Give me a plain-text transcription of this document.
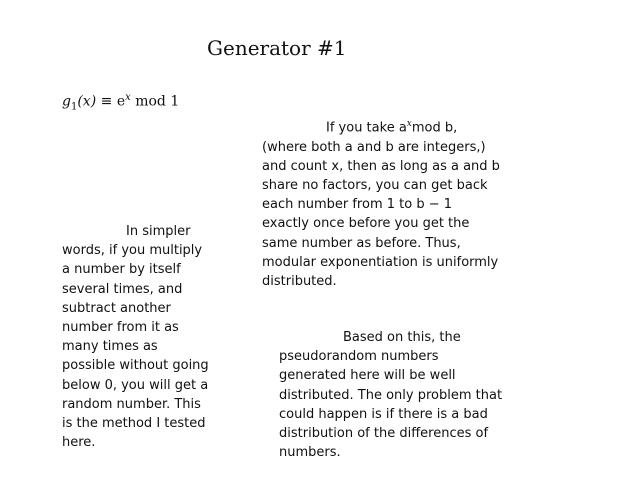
Generator #1
$g_1(x) \equiv e^x$ mod 1

In simpler

words, if you multiply

a number by itself

several times, and

subtract another

number from it as

many times as

possible without going

below 0, you will get a

random number. This

is the method I tested

here.

If you take $a^xmod$ b,

(where both a and b are integers,)

and count x, then as long as a and b

share no factors, you can get back

each number from 1 to b − 1

exactly once before you get the

same number as before. Thus,

modular exponentiation is uniformly

distributed.

Based on this, the

pseudorandom numbers

generated here will be well

distributed. The only problem that

could happen is if there is a bad

distribution of the differences of

numbers.
